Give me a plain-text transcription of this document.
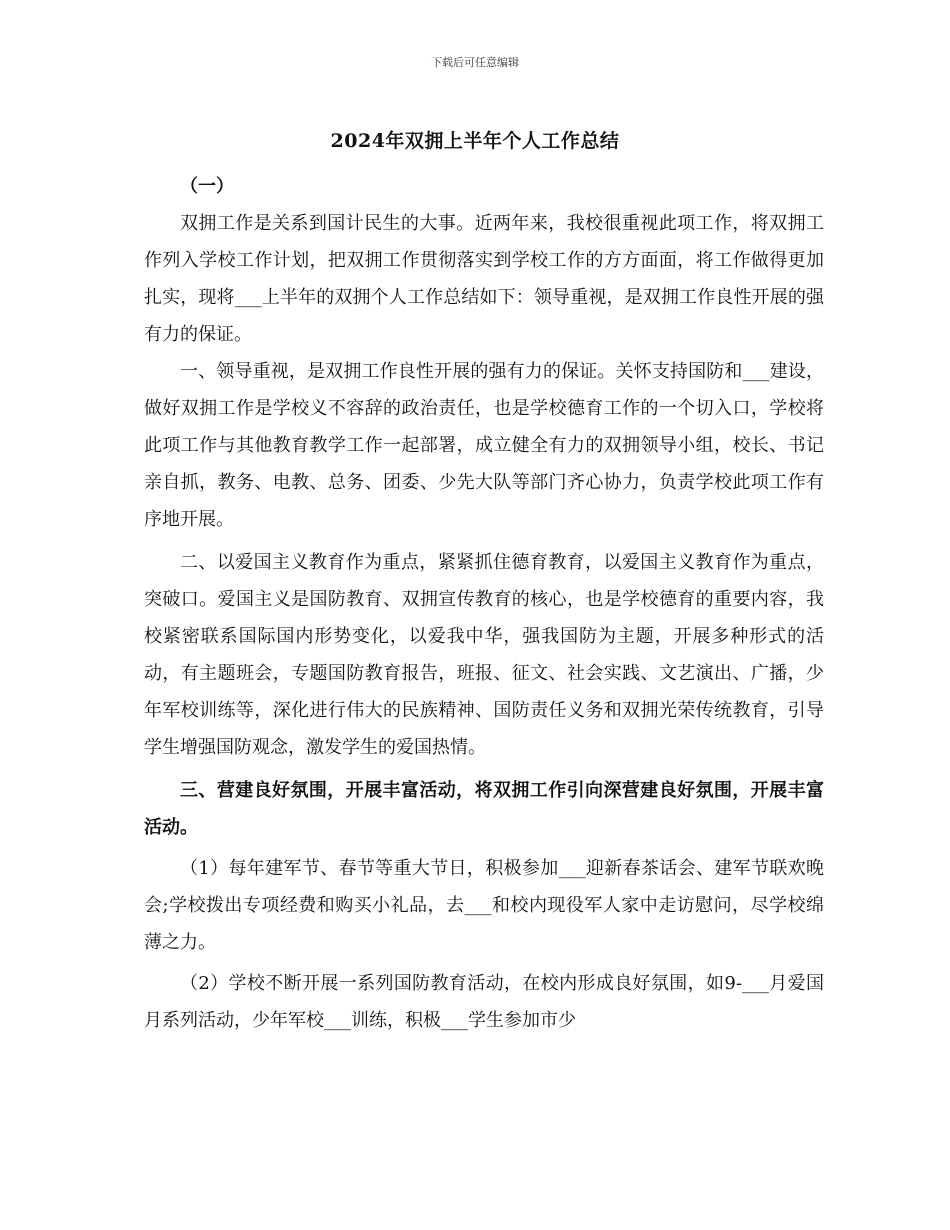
下载后可任意编辑
2024年双拥上半年个人工作总结

（一）

双拥工作是关系到国计民生的大事。近两年来，我校很重视此项工作，将双拥工作列入学校工作计划，把双拥工作贯彻落实到学校工作的方方面面，将工作做得更加扎实，现将___上半年的双拥个人工作总结如下：领导重视，是双拥工作良性开展的强有力的保证。

一、领导重视，是双拥工作良性开展的强有力的保证。关怀支持国防和___建设，做好双拥工作是学校义不容辞的政治责任，也是学校德育工作的一个切入口，学校将此项工作与其他教育教学工作一起部署，成立健全有力的双拥领导小组，校长、书记亲自抓，教务、电教、总务、团委、少先大队等部门齐心协力，负责学校此项工作有序地开展。

二、以爱国主义教育作为重点，紧紧抓住德育教育，以爱国主义教育作为重点，突破口。爱国主义是国防教育、双拥宣传教育的核心，也是学校德育的重要内容，我校紧密联系国际国内形势变化，以爱我中华，强我国防为主题，开展多种形式的活动，有主题班会，专题国防教育报告，班报、征文、社会实践、文艺演出、广播，少年军校训练等，深化进行伟大的民族精神、国防责任义务和双拥光荣传统教育，引导学生增强国防观念，激发学生的爱国热情。

三、营建良好氛围，开展丰富活动，将双拥工作引向深营建良好氛围，开展丰富活动。

（1）每年建军节、春节等重大节日，积极参加___迎新春茶话会、建军节联欢晚会;学校拨出专项经费和购买小礼品，去___和校内现役军人家中走访慰问，尽学校绵薄之力。

（2）学校不断开展一系列国防教育活动，在校内形成良好氛围，如9-___月爱国月系列活动，少年军校___训练，积极___学生参加市少
